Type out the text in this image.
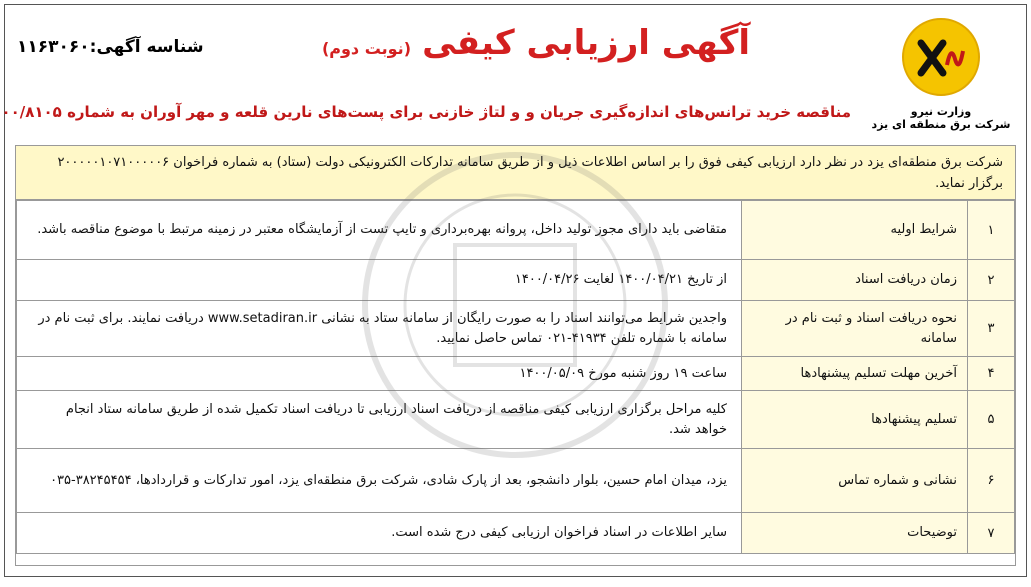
وزارت نیرو
شرکت برق منطقه ای یزد
آگهی ارزیابی کیفی (نوبت دوم)
شناسه آگهی:۱۱۶۳۰۶۰
مناقصه خرید ترانس‌های اندازه‌گیری جریان و و لتاژ خازنی برای پست‌های نارین قلعه و مهر آوران به شماره ۰۰/۸۱۰۵
شرکت برق منطقه‌ای یزد در نظر دارد ارزیابی کیفی فوق را بر اساس اطلاعات ذیل و از طریق سامانه تدارکات الکترونیکی دولت (ستاد) به شماره فراخوان ۲۰۰۰۰۰۱۰۷۱۰۰۰۰۰۶ برگزار نماید.
۱	شرایط اولیه	متقاضی باید دارای مجوز تولید داخل، پروانه بهره‌برداری و تایپ تست از آزمایشگاه معتبر در زمینه مرتبط با موضوع مناقصه باشد.
۲	زمان دریافت اسناد	از تاریخ ۱۴۰۰/۰۴/۲۱ لغایت ۱۴۰۰/۰۴/۲۶
۳	نحوه دریافت اسناد و ثبت نام در سامانه	واجدین شرایط می‌توانند اسناد را به صورت رایگان از سامانه ستاد به نشانی www.setadiran.ir دریافت نمایند. برای ثبت نام در سامانه با شماره تلفن ۴۱۹۳۴-۰۲۱ تماس حاصل نمایید.
۴	آخرین مهلت تسلیم پیشنهادها	ساعت ۱۹ روز شنبه مورخ ۱۴۰۰/۰۵/۰۹
۵	تسلیم پیشنهادها	کلیه مراحل برگزاری ارزیابی کیفی مناقصه از دریافت اسناد ارزیابی تا دریافت اسناد تکمیل شده از طریق سامانه ستاد انجام خواهد شد.
۶	نشانی و شماره تماس	یزد، میدان امام حسین، بلوار دانشجو، بعد از پارک شادی، شرکت برق منطقه‌ای یزد، امور تدارکات و قراردادها، ۳۸۲۴۵۴۵۴-۰۳۵
۷	توضیحات	سایر اطلاعات در اسناد فراخوان ارزیابی کیفی درج شده است.
